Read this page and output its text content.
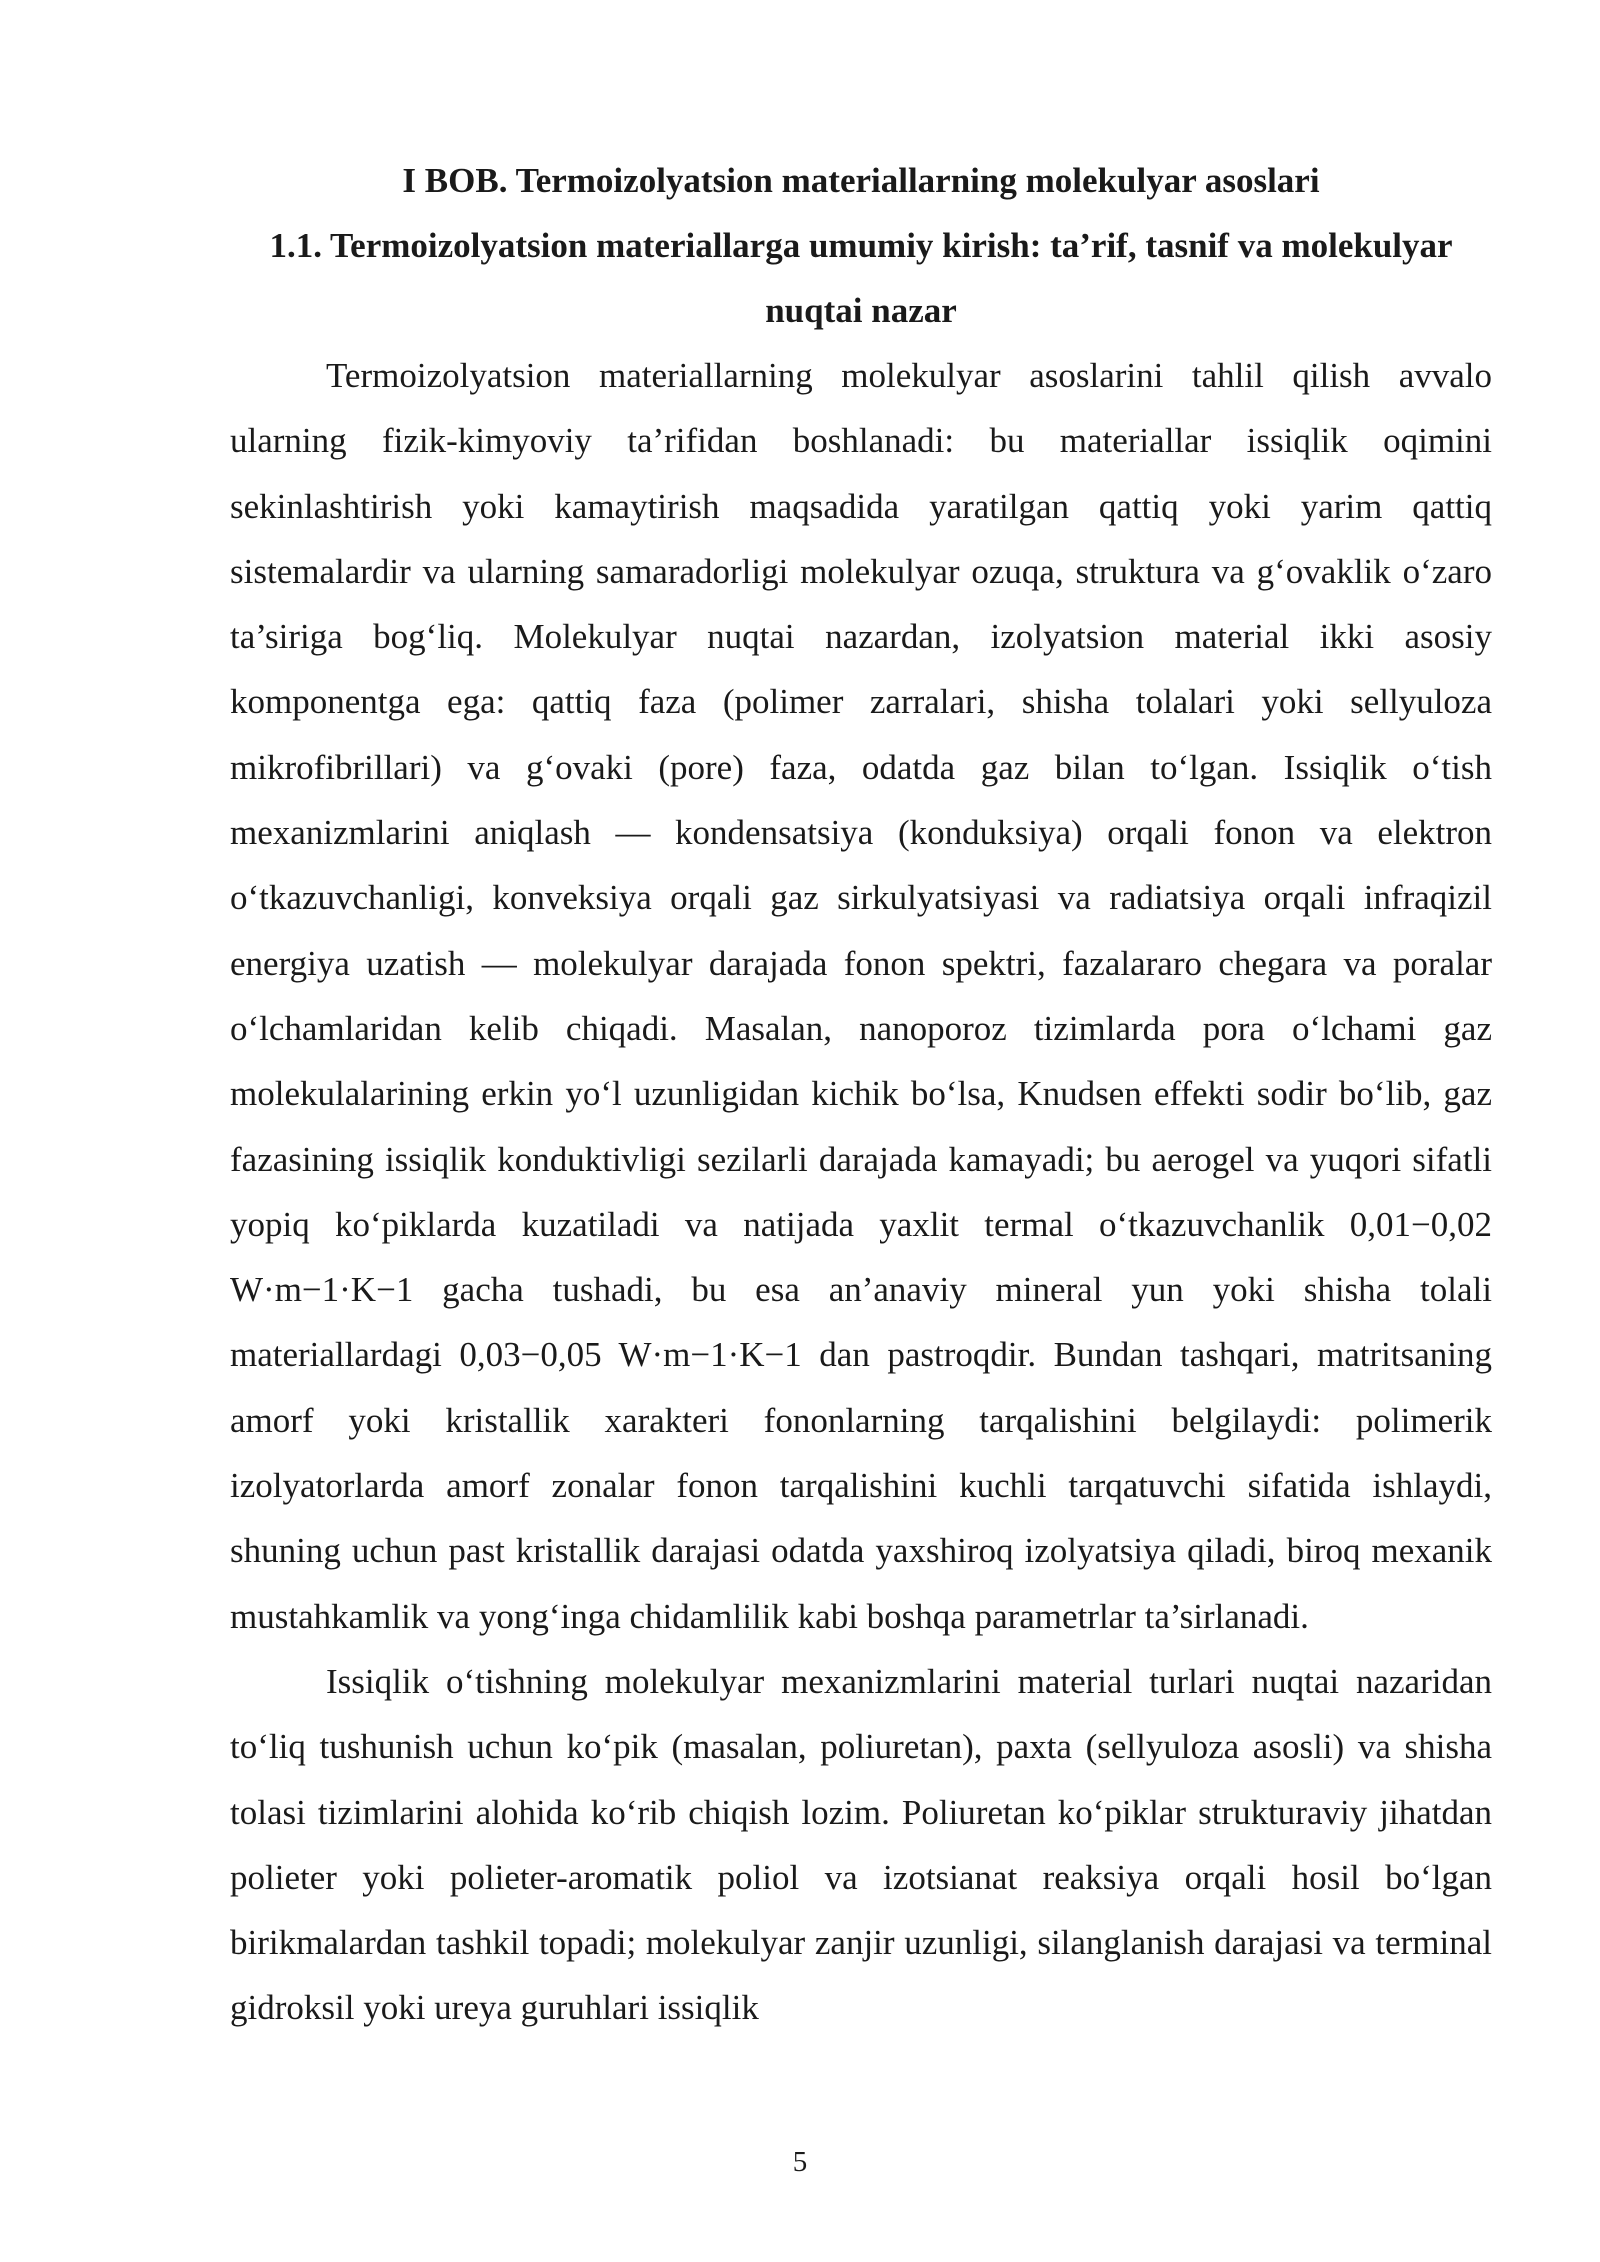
I BOB. Termoizolyatsion materiallarning molekulyar asoslari
1.1. Termoizolyatsion materiallarga umumiy kirish: ta’rif, tasnif va molekulyar nuqtai nazar

Termoizolyatsion materiallarning molekulyar asoslarini tahlil qilish avvalo ularning fizik-kimyoviy ta’rifidan boshlanadi: bu materiallar issiqlik oqimini sekinlashtirish yoki kamaytirish maqsadida yaratilgan qattiq yoki yarim qattiq sistemalardir va ularning samaradorligi molekulyar ozuqa, struktura va g‘ovaklik o‘zaro ta’siriga bog‘liq. Molekulyar nuqtai nazardan, izolyatsion material ikki asosiy komponentga ega: qattiq faza (polimer zarralari, shisha tolalari yoki sellyuloza mikrofibrillari) va g‘ovaki (pore) faza, odatda gaz bilan to‘lgan. Issiqlik o‘tish mexanizmlarini aniqlash — kondensatsiya (konduksiya) orqali fonon va elektron o‘tkazuvchanligi, konveksiya orqali gaz sirkulyatsiyasi va radiatsiya orqali infraqizil energiya uzatish — molekulyar darajada fonon spektri, fazalararo chegara va poralar o‘lchamlaridan kelib chiqadi. Masalan, nanoporoz tizimlarda pora o‘lchami gaz molekulalarining erkin yo‘l uzunligidan kichik bo‘lsa, Knudsen effekti sodir bo‘lib, gaz fazasining issiqlik konduktivligi sezilarli darajada kamayadi; bu aerogel va yuqori sifatli yopiq ko‘piklarda kuzatiladi va natijada yaxlit termal o‘tkazuvchanlik 0,01−0,02 W·m−1·K−1 gacha tushadi, bu esa an’anaviy mineral yun yoki shisha tolali materiallardagi 0,03−0,05 W·m−1·K−1 dan pastroqdir. Bundan tashqari, matritsaning amorf yoki kristallik xarakteri fononlarning tarqalishini belgilaydi: polimerik izolyatorlarda amorf zonalar fonon tarqalishini kuchli tarqatuvchi sifatida ishlaydi, shuning uchun past kristallik darajasi odatda yaxshiroq izolyatsiya qiladi, biroq mexanik mustahkamlik va yong‘inga chidamlilik kabi boshqa parametrlar ta’sirlanadi.

Issiqlik o‘tishning molekulyar mexanizmlarini material turlari nuqtai nazaridan to‘liq tushunish uchun ko‘pik (masalan, poliuretan), paxta (sellyuloza asosli) va shisha tolasi tizimlarini alohida ko‘rib chiqish lozim. Poliuretan ko‘piklar strukturaviy jihatdan polieter yoki polieter-aromatik poliol va izotsianat reaksiya orqali hosil bo‘lgan birikmalardan tashkil topadi; molekulyar zanjir uzunligi, silanglanish darajasi va terminal gidroksil yoki ureya guruhlari issiqlik

5
